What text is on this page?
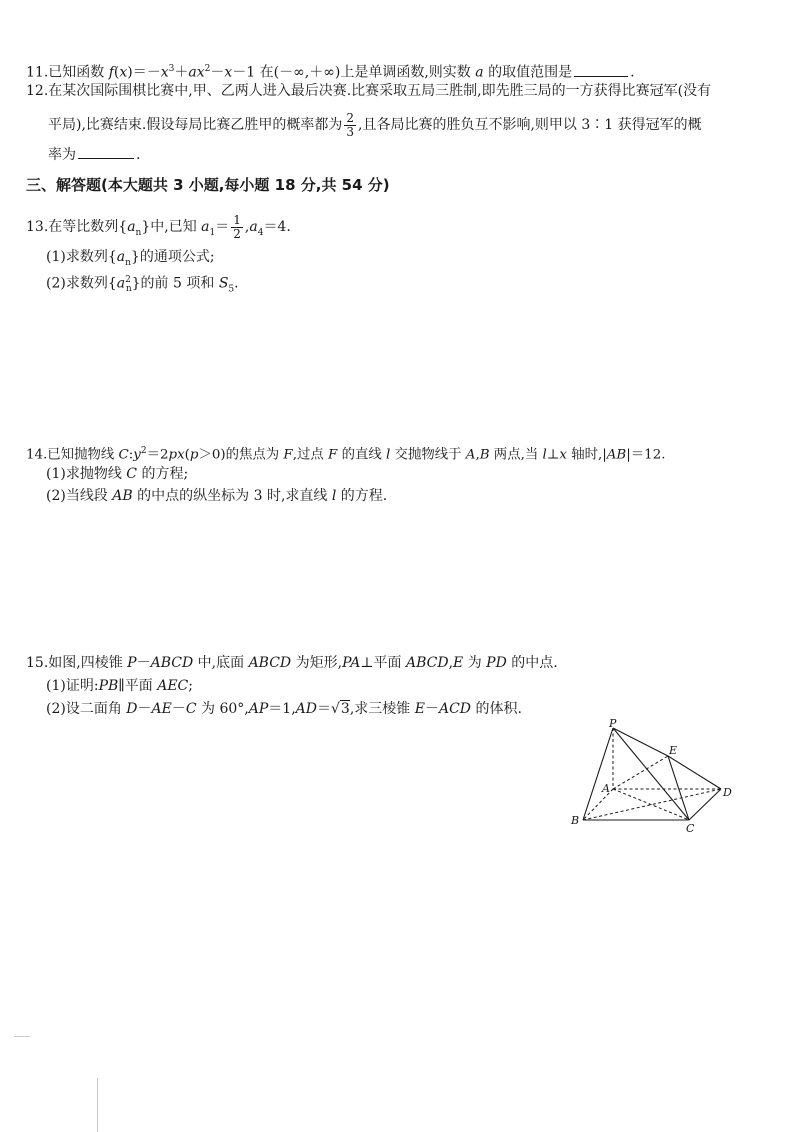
11.已知函数 $f(x)=-x^3+ax^2-x-1$ 在(－∞,＋∞)上是单调函数,则实数 a 的取值范围是	.
12.在某次国际围棋比赛中,甲、乙两人进入最后决赛.比赛采取五局三胜制,即先胜三局的一方获得比赛冠军(没有
平局),比赛结束.假设每局比赛乙胜甲的概率都为 $\frac{2}{3}$ ,且各局比赛的胜负互不影响,则甲以 3∶1 获得冠军的概
率为	.
三、解答题(本大题共 3 小题,每小题 18 分,共 54 分)
13.在等比数列$\{a_n\}$中,已知 $a_1= \frac{1}{2} ,a_4=4$.
(1)求数列$\{a_n\}$的通项公式;
(2)求数列$\{a^2_n\}$的前 5 项和 $S_5$.
14.已知抛物线 $C:y^2=2px(p>0)$的焦点为 F,过点 F 的直线 l 交抛物线于 A,B 两点,当 l⊥x 轴时,|AB|＝12.
(1)求抛物线 C 的方程;
(2)当线段 AB 的中点的纵坐标为 3 时,求直线 l 的方程.
15.如图,四棱锥 P－ABCD 中,底面 ABCD 为矩形,PA⊥平面 ABCD,E 为 PD 的中点.
(1)证明:PB∥平面 AEC;
(2)设二面角 D－AE－C 为 60°,AP＝1,AD＝√3,求三棱锥 E－ACD 的体积.
P
E
A	D
B
C
